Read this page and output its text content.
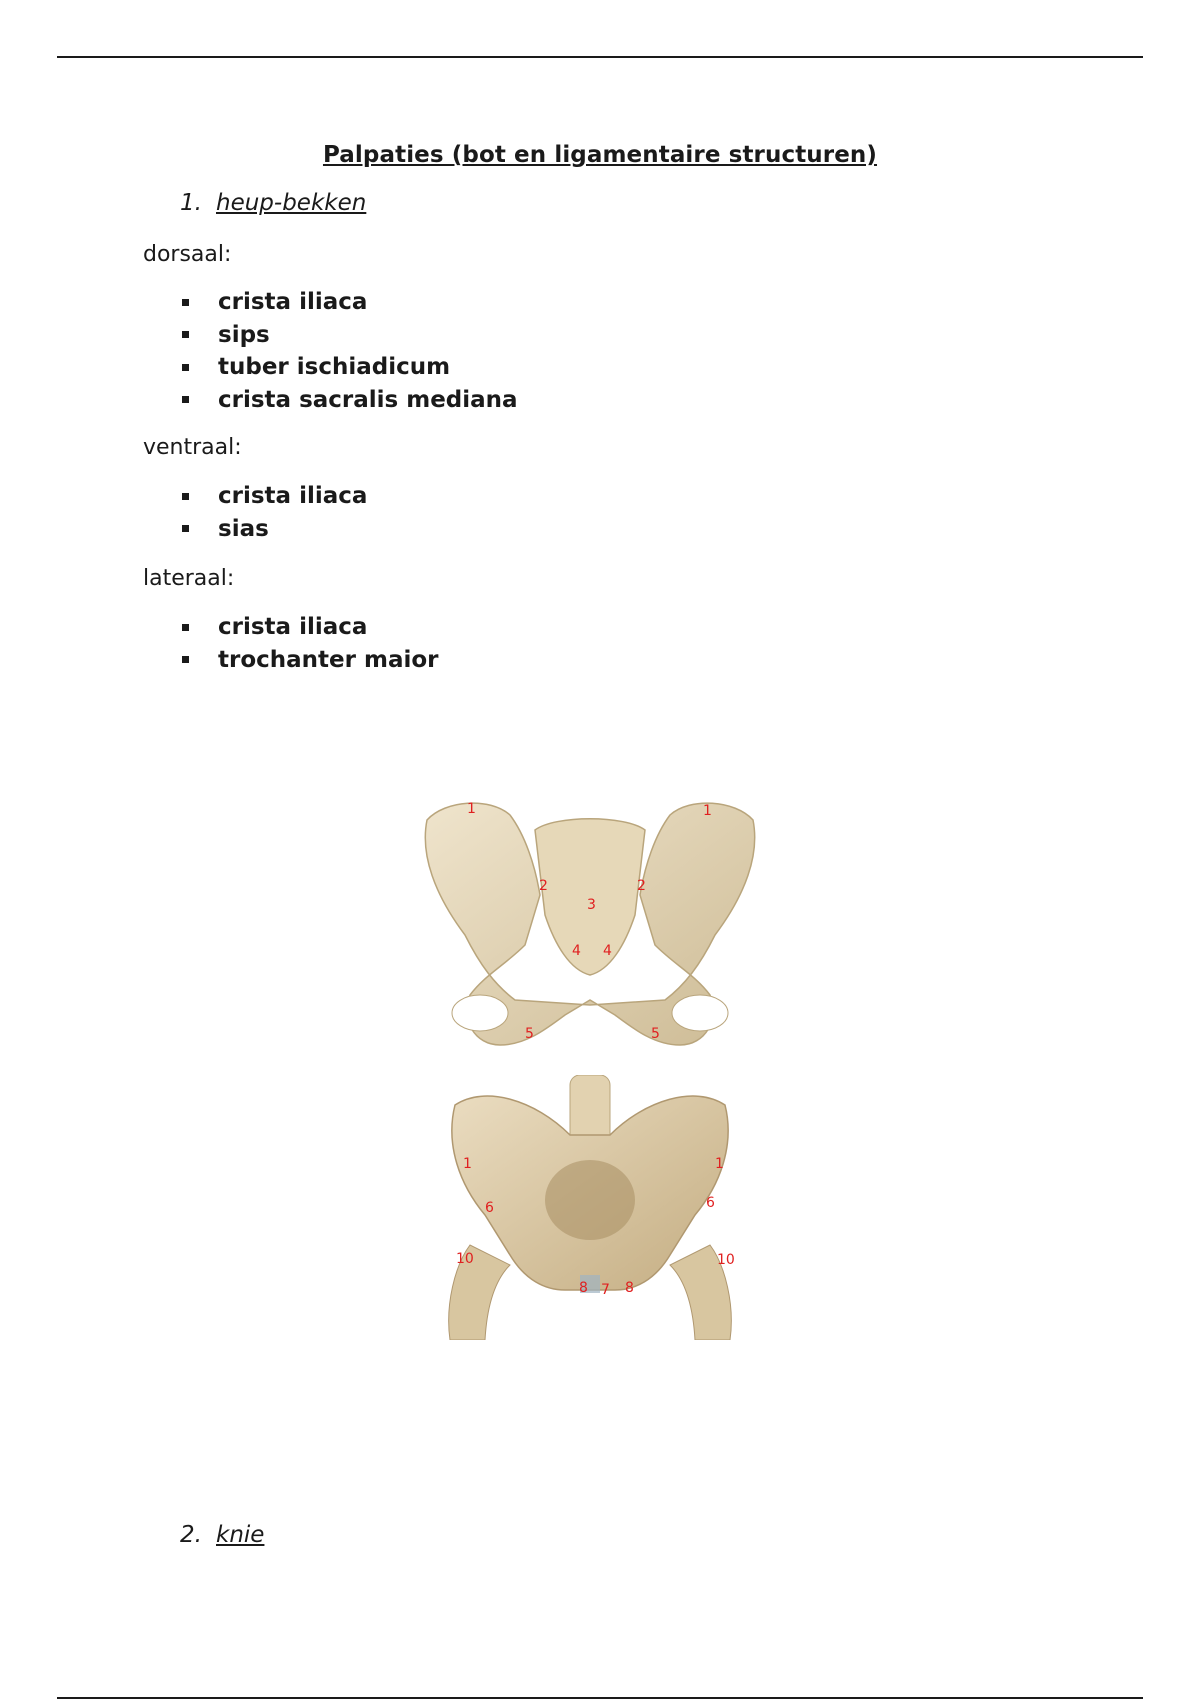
Palpaties (bot en ligamentaire structuren)
1. heup-bekken
dorsaal:
crista iliaca
sips
tuber ischiadicum
crista sacralis mediana
ventraal:
crista iliaca
sias
lateraal:
crista iliaca
trochanter maior
1	1
2	2
3
4 4
5	5
1	1
6	6
10	10
8 7 8
2. knie
